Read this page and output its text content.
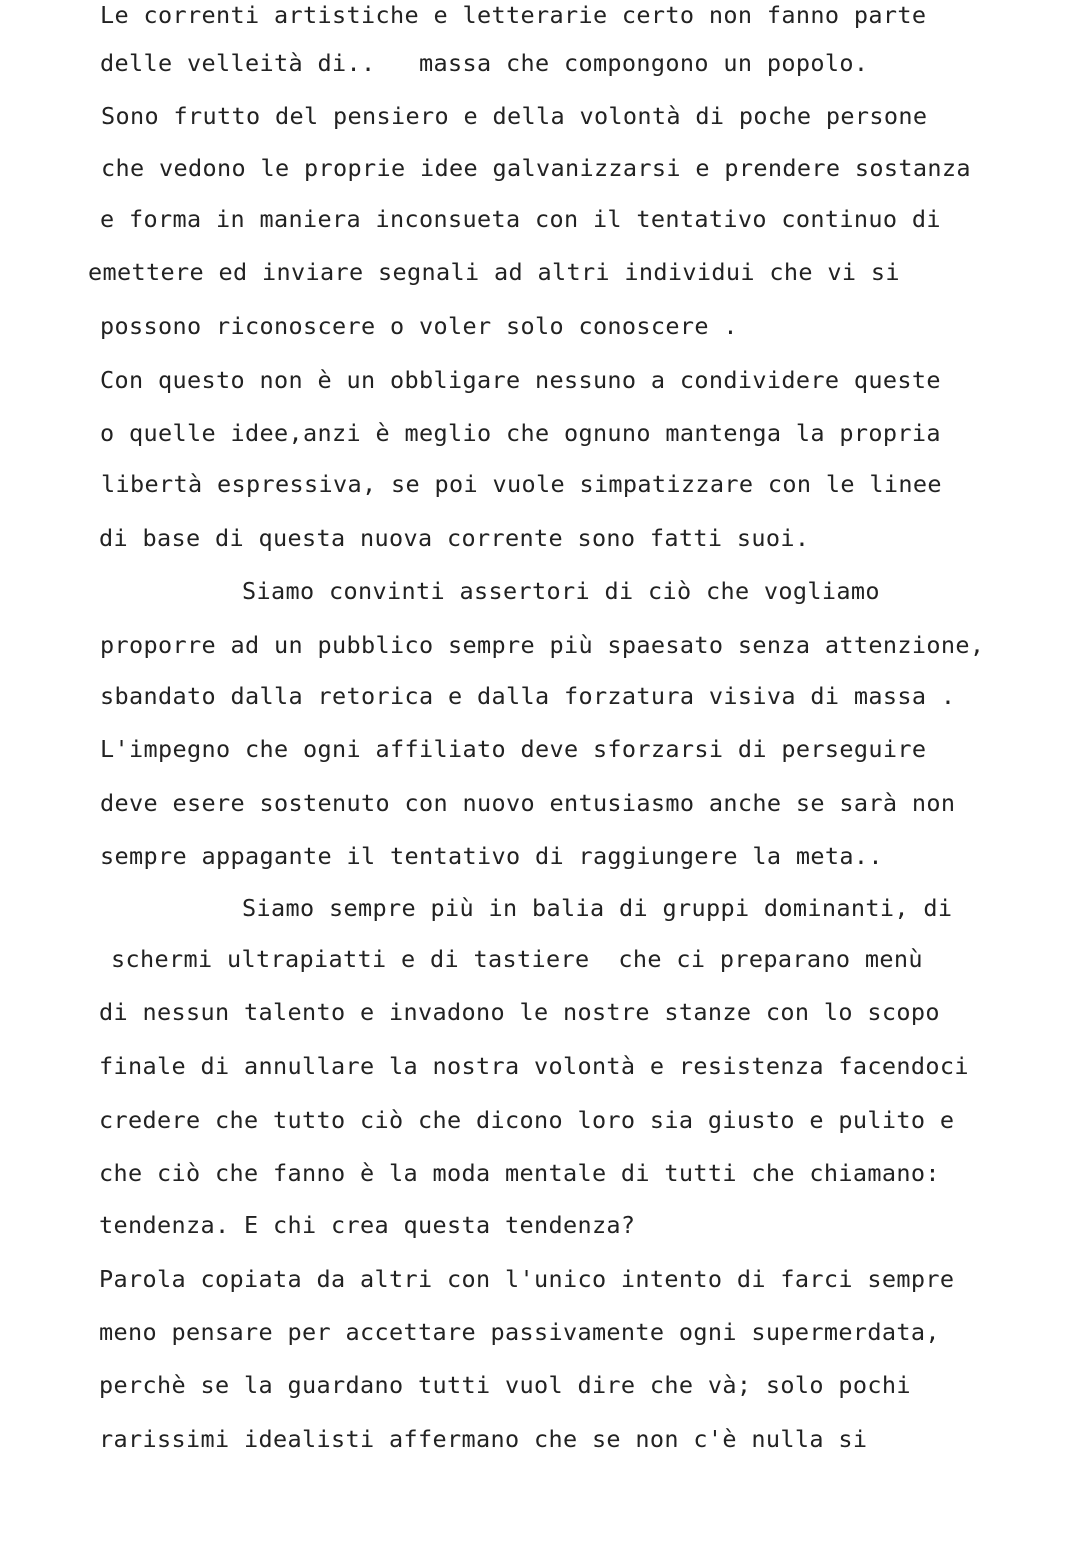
Le correnti artistiche e letterarie certo non fanno parte
delle velleità di..   massa che compongono un popolo.
Sono frutto del pensiero e della volontà di poche persone
che vedono le proprie idee galvanizzarsi e prendere sostanza
e forma in maniera inconsueta con il tentativo continuo di
emettere ed inviare segnali ad altri individui che vi si
possono riconoscere o voler solo conoscere .
Con questo non è un obbligare nessuno a condividere queste
o quelle idee,anzi è meglio che ognuno mantenga la propria
libertà espressiva, se poi vuole simpatizzare con le linee
di base di questa nuova corrente sono fatti suoi.
Siamo convinti assertori di ciò che vogliamo
proporre ad un pubblico sempre più spaesato senza attenzione,
sbandato dalla retorica e dalla forzatura visiva di massa .
L'impegno che ogni affiliato deve sforzarsi di perseguire
deve esere sostenuto con nuovo entusiasmo anche se sarà non
sempre appagante il tentativo di raggiungere la meta..
Siamo sempre più in balia di gruppi dominanti, di
schermi ultrapiatti e di tastiere  che ci preparano menù
di nessun talento e invadono le nostre stanze con lo scopo
finale di annullare la nostra volontà e resistenza facendoci
credere che tutto ciò che dicono loro sia giusto e pulito e
che ciò che fanno è la moda mentale di tutti che chiamano:
tendenza. E chi crea questa tendenza?
Parola copiata da altri con l'unico intento di farci sempre
meno pensare per accettare passivamente ogni supermerdata,
perchè se la guardano tutti vuol dire che và; solo pochi
rarissimi idealisti affermano che se non c'è nulla si
